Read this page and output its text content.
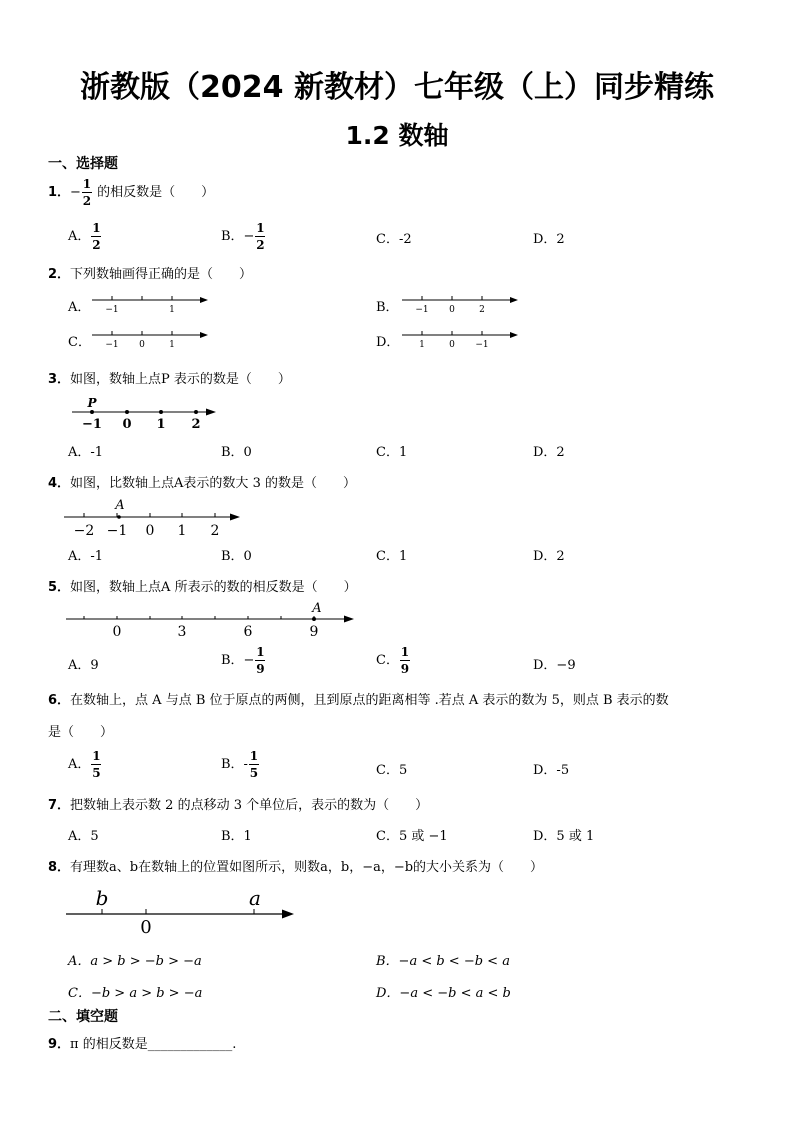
浙教版（2024 新教材）七年级（上）同步精练
1.2 数轴
一、选择题
1．− $\frac{1}{2}$ 的相反数是（　　）
A． $\frac{1}{2}$	B．− $\frac{1}{2}$	C．-2	D．2
2．下列数轴画得正确的是（　　）
A． −1	1	B． −1 0	2
C． −1 0	1	D． 1	0 −1
3．如图，数轴上点P 表示的数是（　　）
P
−1 0 1 2
A．-1	B．0	C．1	D．2
4．如图，比数轴上点A表示的数大 3 的数是（　　）
A
−2 −1 0 1 2
A．-1	B．0	C．1	D．2
5．如图，数轴上点A 所表示的数的相反数是（　　）
A
0	3	6	9
A．9	B．− $\frac{1}{9}$	C． $\frac{1}{9}$	D．−9
6．在数轴上，点 A 与点 B 位于原点的两侧，且到原点的距离相等 .若点 A 表示的数为 5，则点 B 表示的数
是（　　）
A． $\frac{1}{5}$	B．- $\frac{1}{5}$	C．5	D．-5
7．把数轴上表示数 2 的点移动 3 个单位后，表示的数为（　　）
A．5	B．1	C．5 或 −1	D．5 或 1
8．有理数a、b在数轴上的位置如图所示，则数a，b，−a，−b的大小关系为（　　）
b	a
0
A．a > b > −b > −a	B．−a < b < −b < a
C．−b > a > b > −a	D．−a < −b < a < b
二、填空题
9．π 的相反数是_____________.
